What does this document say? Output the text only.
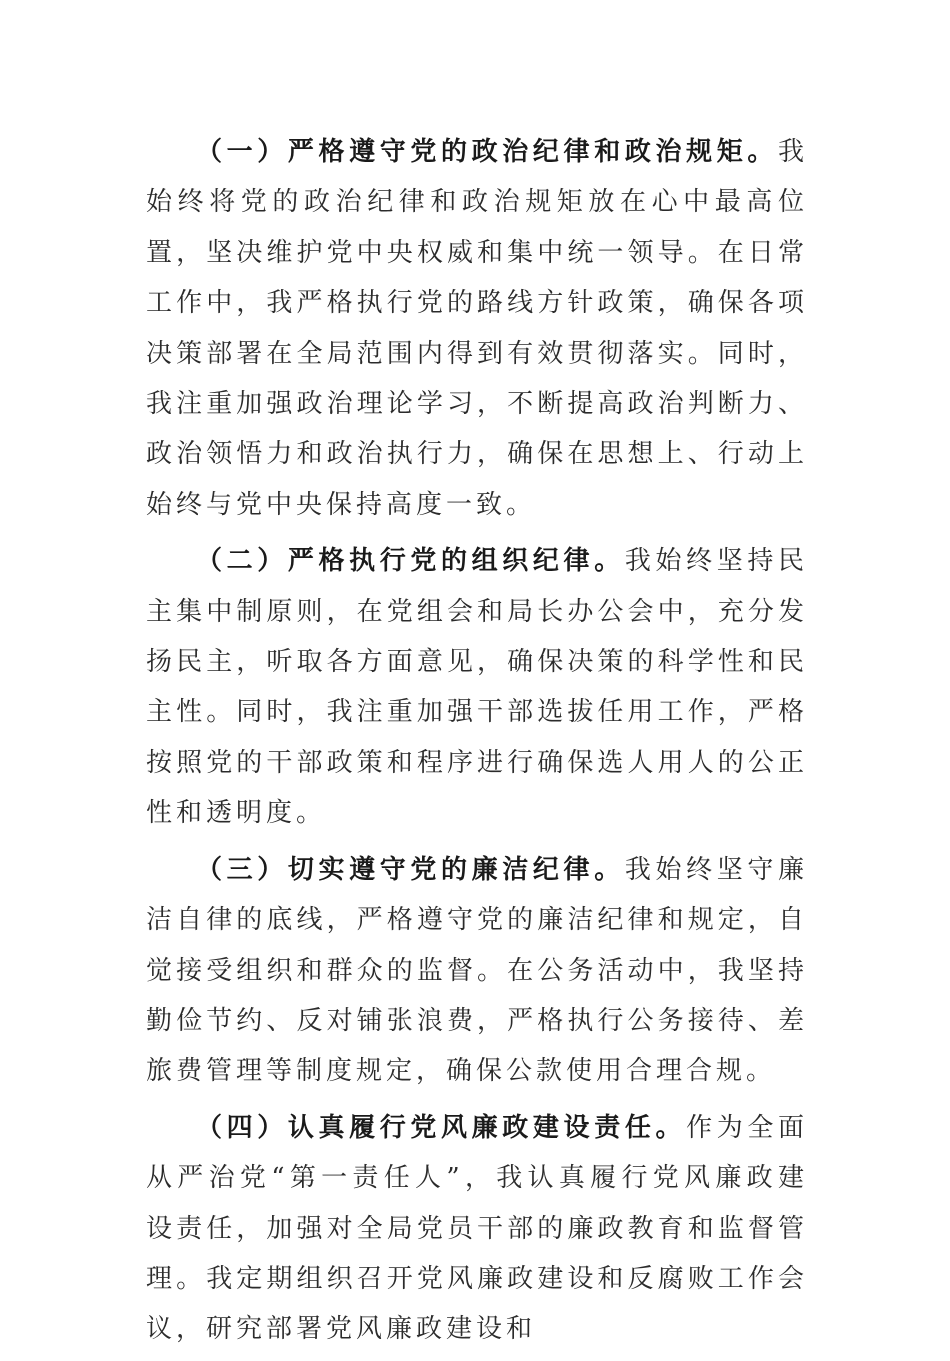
（一）严格遵守党的政治纪律和政治规矩。我始终将党的政治纪律和政治规矩放在心中最高位置，坚决维护党中央权威和集中统一领导。在日常工作中，我严格执行党的路线方针政策，确保各项决策部署在全局范围内得到有效贯彻落实。同时，我注重加强政治理论学习，不断提高政治判断力、政治领悟力和政治执行力，确保在思想上、行动上始终与党中央保持高度一致。

（二）严格执行党的组织纪律。我始终坚持民主集中制原则，在党组会和局长办公会中，充分发扬民主，听取各方面意见，确保决策的科学性和民主性。同时，我注重加强干部选拔任用工作，严格按照党的干部政策和程序进行确保选人用人的公正性和透明度。

（三）切实遵守党的廉洁纪律。我始终坚守廉洁自律的底线，严格遵守党的廉洁纪律和规定，自觉接受组织和群众的监督。在公务活动中，我坚持勤俭节约、反对铺张浪费，严格执行公务接待、差旅费管理等制度规定，确保公款使用合理合规。

（四）认真履行党风廉政建设责任。作为全面从严治党“第一责任人”，我认真履行党风廉政建设责任，加强对全局党员干部的廉政教育和监督管理。我定期组织召开党风廉政建设和反腐败工作会议，研究部署党风廉政建设和
